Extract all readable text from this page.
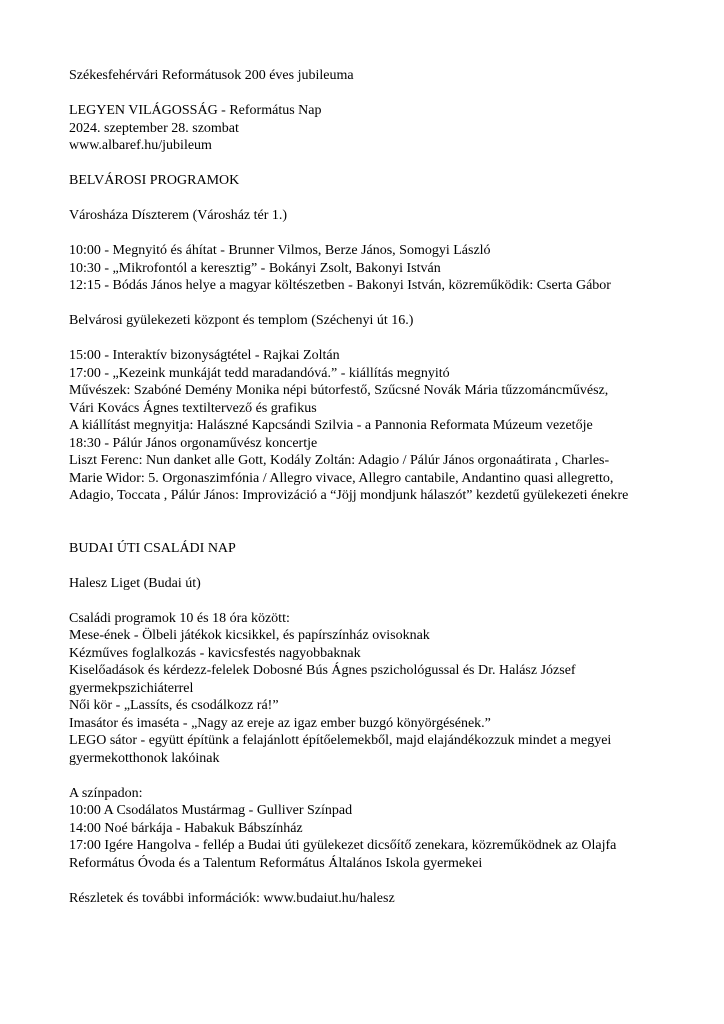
Székesfehérvári Reformátusok 200 éves jubileuma
LEGYEN VILÁGOSSÁG - Református Nap
2024. szeptember 28. szombat
www.albaref.hu/jubileum
BELVÁROSI PROGRAMOK
Városháza Díszterem (Városház tér 1.)
10:00 - Megnyitó és áhítat - Brunner Vilmos, Berze János, Somogyi László
10:30 - „Mikrofontól a keresztig” - Bokányi Zsolt, Bakonyi István
12:15 - Bódás János helye a magyar költészetben - Bakonyi István, közreműködik: Cserta Gábor
Belvárosi gyülekezeti központ és templom (Széchenyi út 16.)
15:00 - Interaktív bizonyságtétel - Rajkai Zoltán
17:00 - „Kezeink munkáját tedd maradandóvá.” - kiállítás megnyitó
Művészek: Szabóné Demény Monika népi bútorfestő, Szűcsné Novák Mária tűzzománcművész,
Vári Kovács Ágnes textiltervező és grafikus
A kiállítást megnyitja: Halászné Kapcsándi Szilvia - a Pannonia Reformata Múzeum vezetője
18:30 - Pálúr János orgonaművész koncertje
Liszt Ferenc: Nun danket alle Gott, Kodály Zoltán: Adagio / Pálúr János orgonaátirata , Charles-
Marie Widor: 5. Orgonaszimfónia / Allegro vivace, Allegro cantabile, Andantino quasi allegretto,
Adagio, Toccata , Pálúr János: Improvizáció a “Jöjj mondjunk hálaszót” kezdetű gyülekezeti énekre
BUDAI ÚTI CSALÁDI NAP
Halesz Liget (Budai út)
Családi programok 10 és 18 óra között:
Mese-ének - Ölbeli játékok kicsikkel, és papírszínház ovisoknak
Kézműves foglalkozás - kavicsfestés nagyobbaknak
Kiselőadások és kérdezz-felelek Dobosné Bús Ágnes pszichológussal és Dr. Halász József
gyermekpszichiáterrel
Női kör - „Lassíts, és csodálkozz rá!”
Imasátor és imaséta - „Nagy az ereje az igaz ember buzgó könyörgésének.”
LEGO sátor - együtt építünk a felajánlott építőelemekből, majd elajándékozzuk mindet a megyei
gyermekotthonok lakóinak
A színpadon:
10:00 A Csodálatos Mustármag - Gulliver Színpad
14:00 Noé bárkája - Habakuk Bábszínház
17:00 Igére Hangolva - fellép a Budai úti gyülekezet dicsőítő zenekara, közreműködnek az Olajfa
Református Óvoda és a Talentum Református Általános Iskola gyermekei
Részletek és további információk: www.budaiut.hu/halesz
